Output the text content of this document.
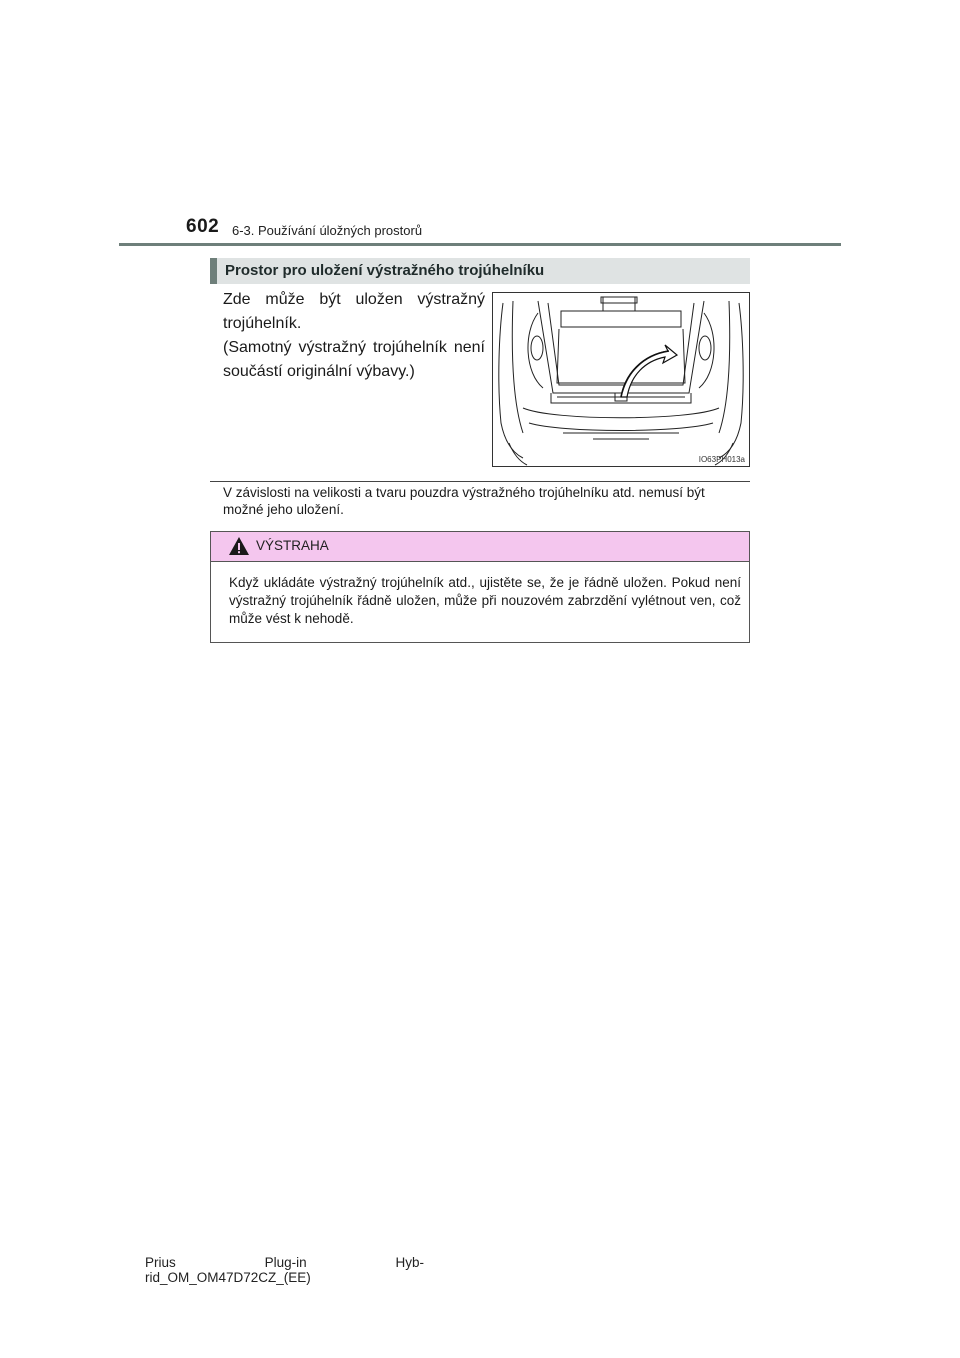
602 6-3. Používání úložných prostorů
Prostor pro uložení výstražného trojúhelníku

Zde může být uložen výstražný trojúhelník.

(Samotný výstražný trojúhelník není součástí originální výbavy.)

IO63PH013a
V závislosti na velikosti a tvaru pouzdra výstražného trojúhelníku atd. nemusí být možné jeho uložení.
VÝSTRAHA
Když ukládáte výstražný trojúhelník atd., ujistěte se, že je řádně uložen. Pokud není výstražný trojúhelník řádně uložen, může při nouzovém zabrzdění vylétnout ven, což může vést k nehodě.
Prius	Plug-in	Hyb-
rid_OM_OM47D72CZ_(EE)
